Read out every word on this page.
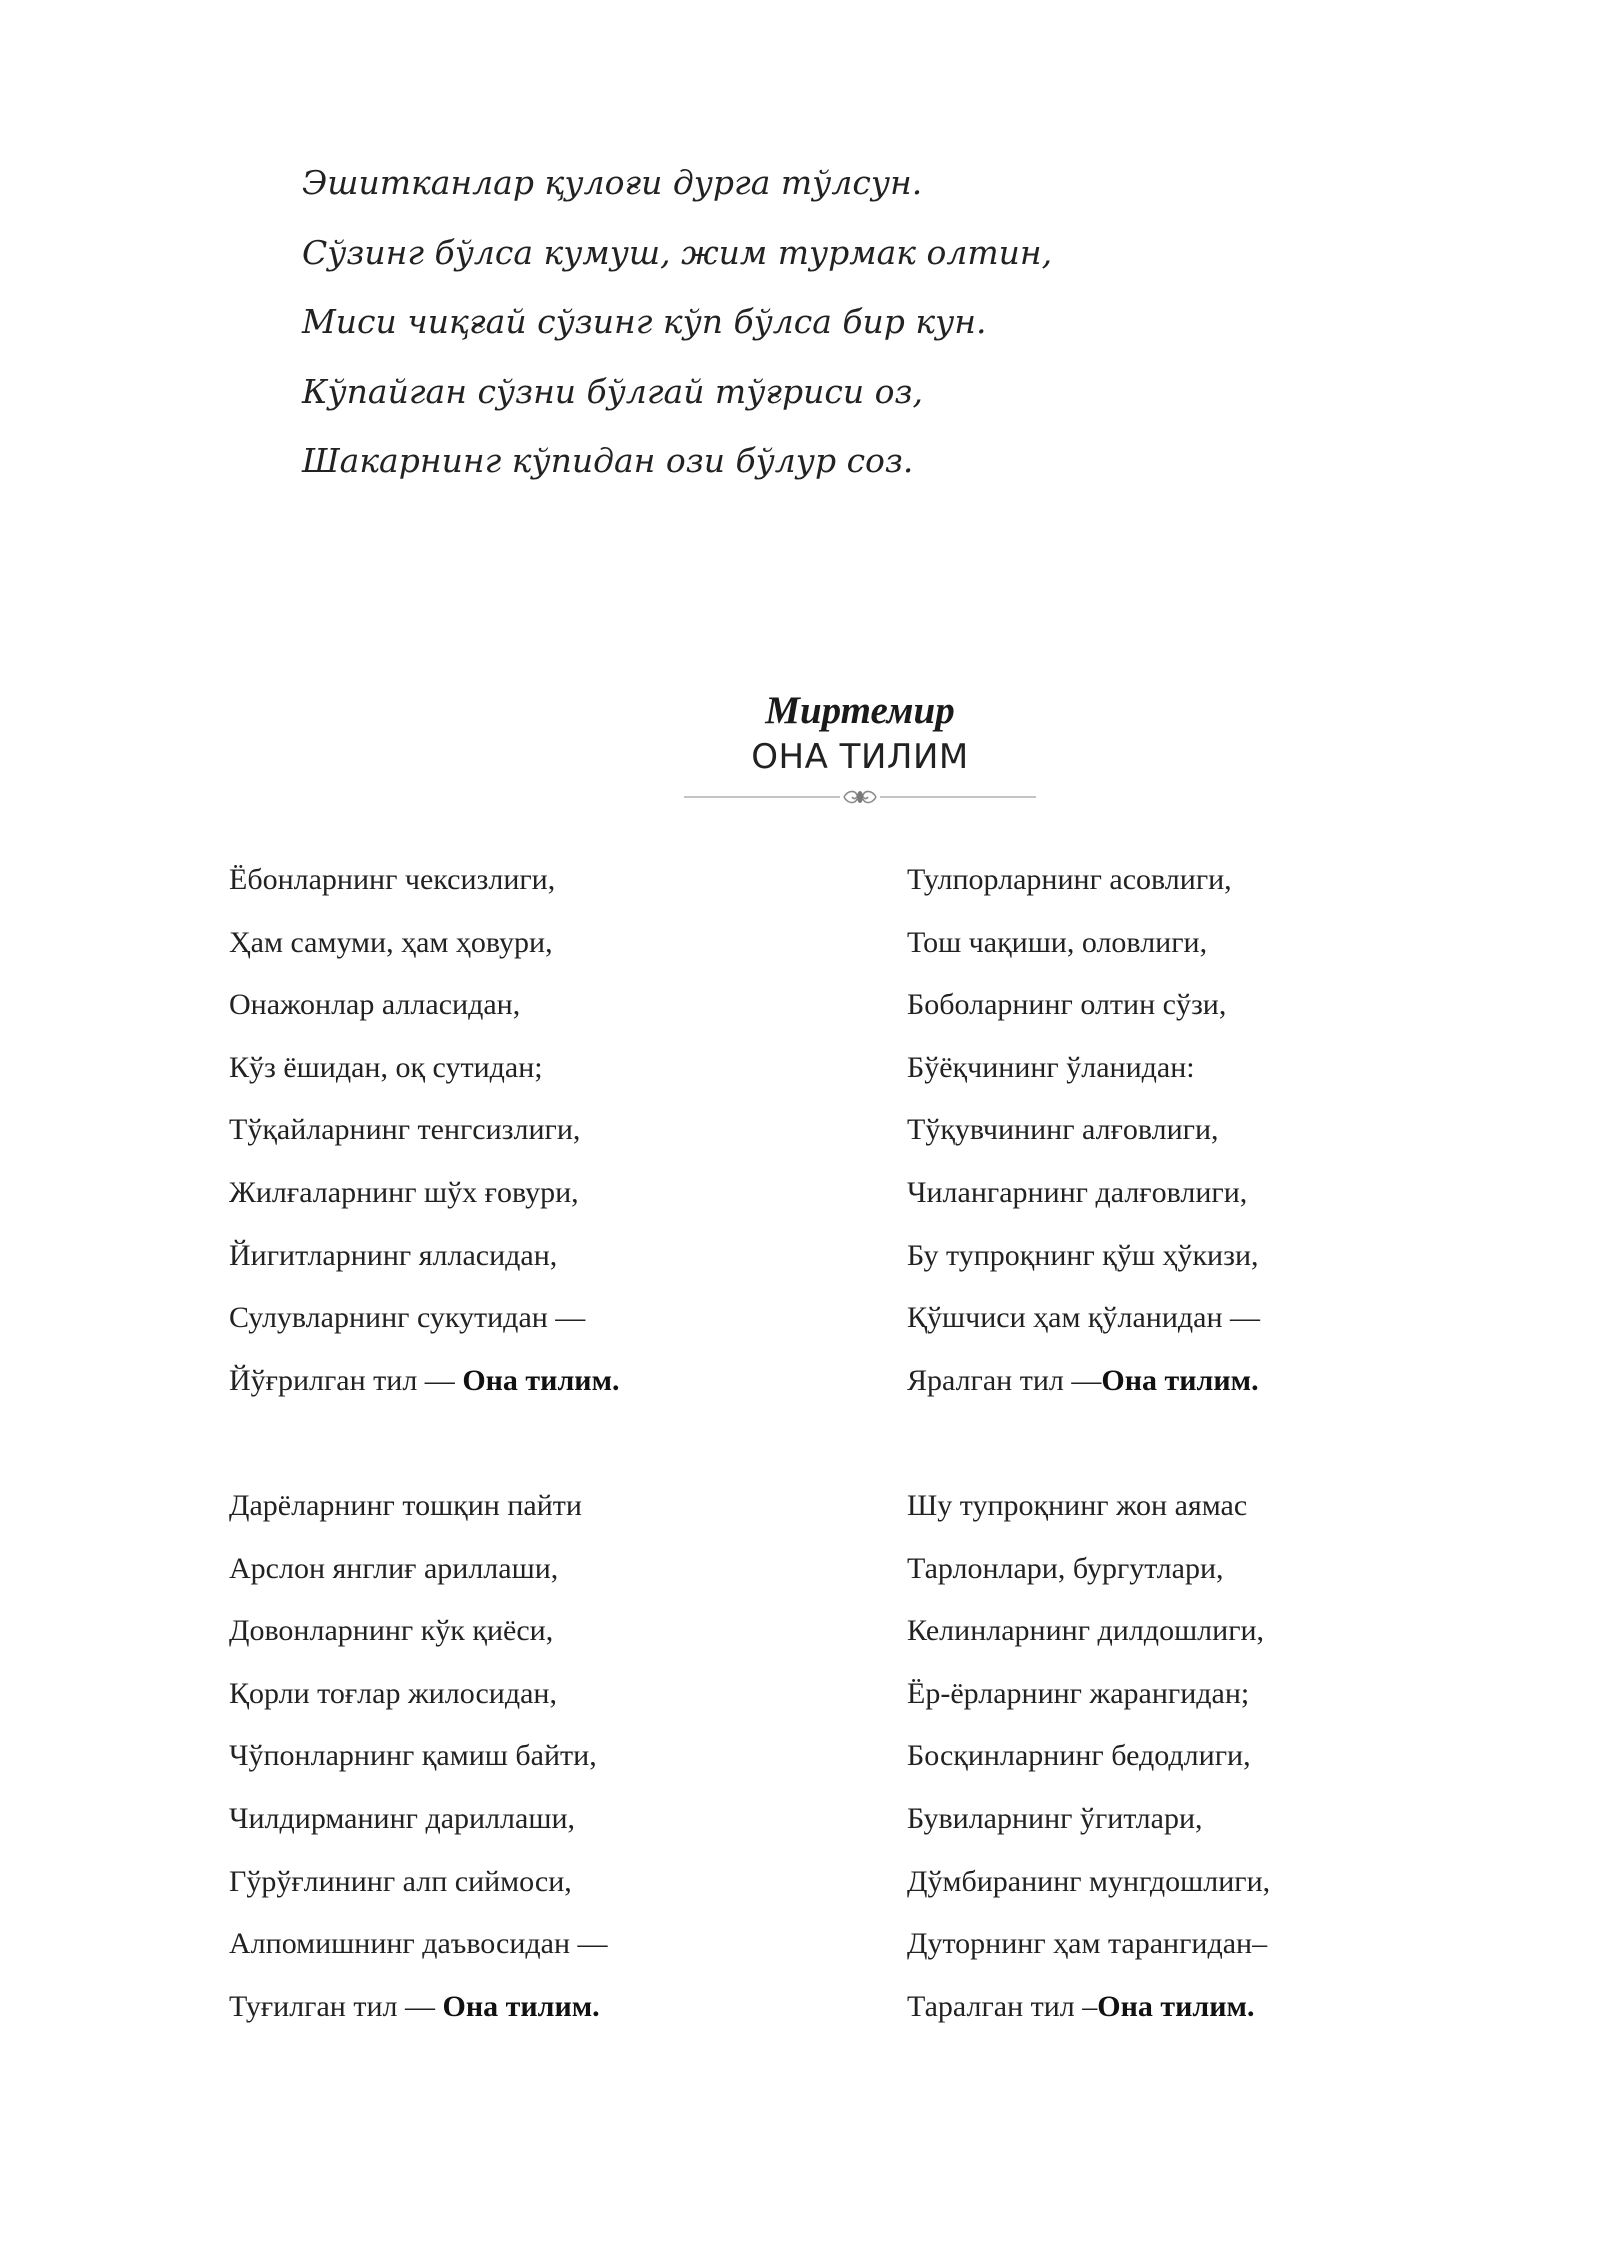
Эшитканлар қулоғи дурга тўлсун.
Сўзинг бўлса кумуш, жим турмак олтин,
Миси чиқғай сўзинг кўп бўлса бир кун.
Кўпайган сўзни бўлгай тўғриси оз,
Шакарнинг кўпидан ози бўлур соз.
Миртемир
ОНА ТИЛИМ
Ёбонларнинг чексизлиги,
Ҳам самуми, ҳам ҳовури,
Онажонлар алласидан,
Кўз ёшидан, оқ сутидан;
Тўқайларнинг тенгсизлиги,
Жилғаларнинг шўх ғовури,
Йигитларнинг ялласидан,
Сулувларнинг сукутидан —
Йўғрилган тил — Она тилим.
Тулпорларнинг асовлиги,
Тош чақиши, оловлиги,
Боболарнинг олтин сўзи,
Бўёқчининг ўланидан:
Тўқувчининг алғовлиги,
Чилангарнинг далғовлиги,
Бу тупроқнинг қўш ҳўкизи,
Қўшчиси ҳам қўланидан —
Яралган тил —Она тилим.
Дарёларнинг тошқин пайти
Арслон янглиғ ариллаши,
Довонларнинг кўк қиёси,
Қорли тоғлар жилосидан,
Чўпонларнинг қамиш байти,
Чилдирманинг дариллаши,
Гўрўғлининг алп сиймоси,
Алпомишнинг даъвосидан —
Туғилган тил — Она тилим.
Шу тупроқнинг жон аямас
Тарлонлари, бургутлари,
Келинларнинг дилдошлиги,
Ёр-ёрларнинг жарангидан;
Босқинларнинг бедодлиги,
Бувиларнинг ўгитлари,
Дўмбиранинг мунгдошлиги,
Дуторнинг ҳам тарангидан–
Таралган тил –Она тилим.
